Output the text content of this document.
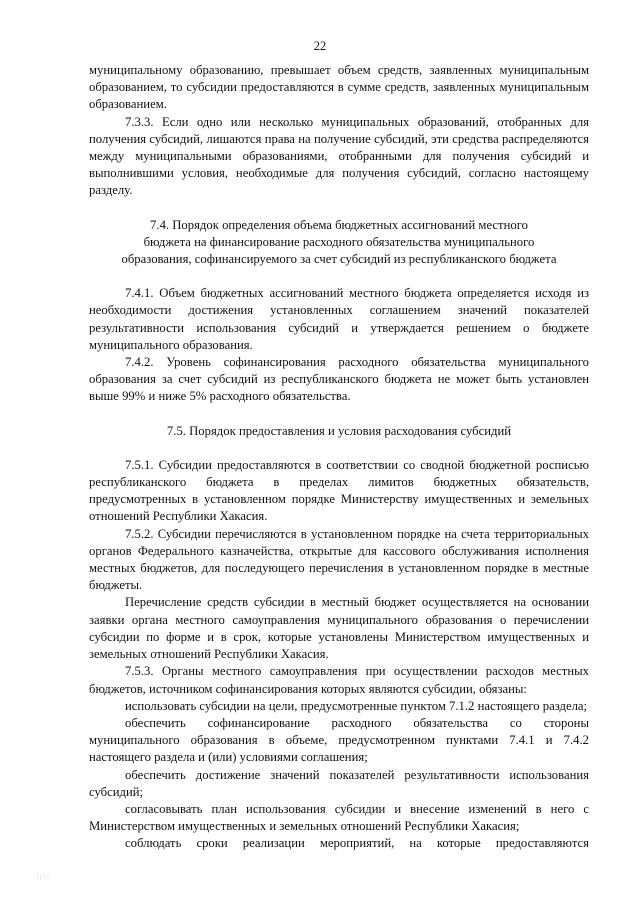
22

муниципальному образованию, превышает объем средств, заявленных муниципальным образованием, то субсидии предоставляются в сумме средств, заявленных муниципальным образованием.

7.3.3. Если одно или несколько муниципальных образований, отобранных для получения субсидий, лишаются права на получение субсидий, эти средства распределяются между муниципальными образованиями, отобранными для получения субсидий и выполнившими условия, необходимые для получения субсидий, согласно настоящему разделу.

7.4. Порядок определения объема бюджетных ассигнований местного
бюджета на финансирование расходного обязательства муниципального
образования, софинансируемого за счет субсидий из республиканского бюджета

7.4.1. Объем бюджетных ассигнований местного бюджета определяется исходя из необходимости достижения установленных соглашением значений показателей результативности использования субсидий и утверждается решением о бюджете муниципального образования.

7.4.2. Уровень софинансирования расходного обязательства муниципального образования за счет субсидий из республиканского бюджета не может быть установлен выше 99% и ниже 5% расходного обязательства.

7.5. Порядок предоставления и условия расходования субсидий

7.5.1. Субсидии предоставляются в соответствии со сводной бюджетной росписью республиканского бюджета в пределах лимитов бюджетных обязательств, предусмотренных в установленном порядке Министерству имущественных и земельных отношений Республики Хакасия.

7.5.2. Субсидии перечисляются в установленном порядке на счета территориальных органов Федерального казначейства, открытые для кассового обслуживания исполнения местных бюджетов, для последующего перечисления в установленном порядке в местные бюджеты.

Перечисление средств субсидии в местный бюджет осуществляется на основании заявки органа местного самоуправления муниципального образования о перечислении субсидии по форме и в срок, которые установлены Министерством имущественных и земельных отношений Республики Хакасия.

7.5.3. Органы местного самоуправления при осуществлении расходов местных бюджетов, источником софинансирования которых являются субсидии, обязаны:

использовать субсидии на цели, предусмотренные пунктом 7.1.2 настоящего раздела;

обеспечить софинансирование расходного обязательства со стороны муниципального образования в объеме, предусмотренном пунктами 7.4.1 и 7.4.2 настоящего раздела и (или) условиями соглашения;

обеспечить достижение значений показателей результативности использования субсидий;

согласовывать план использования субсидии и внесение изменений в него с Министерством имущественных и земельных отношений Республики Хакасия;

соблюдать сроки реализации мероприятий, на которые предоставляются

⁝⁝⁝⁝
